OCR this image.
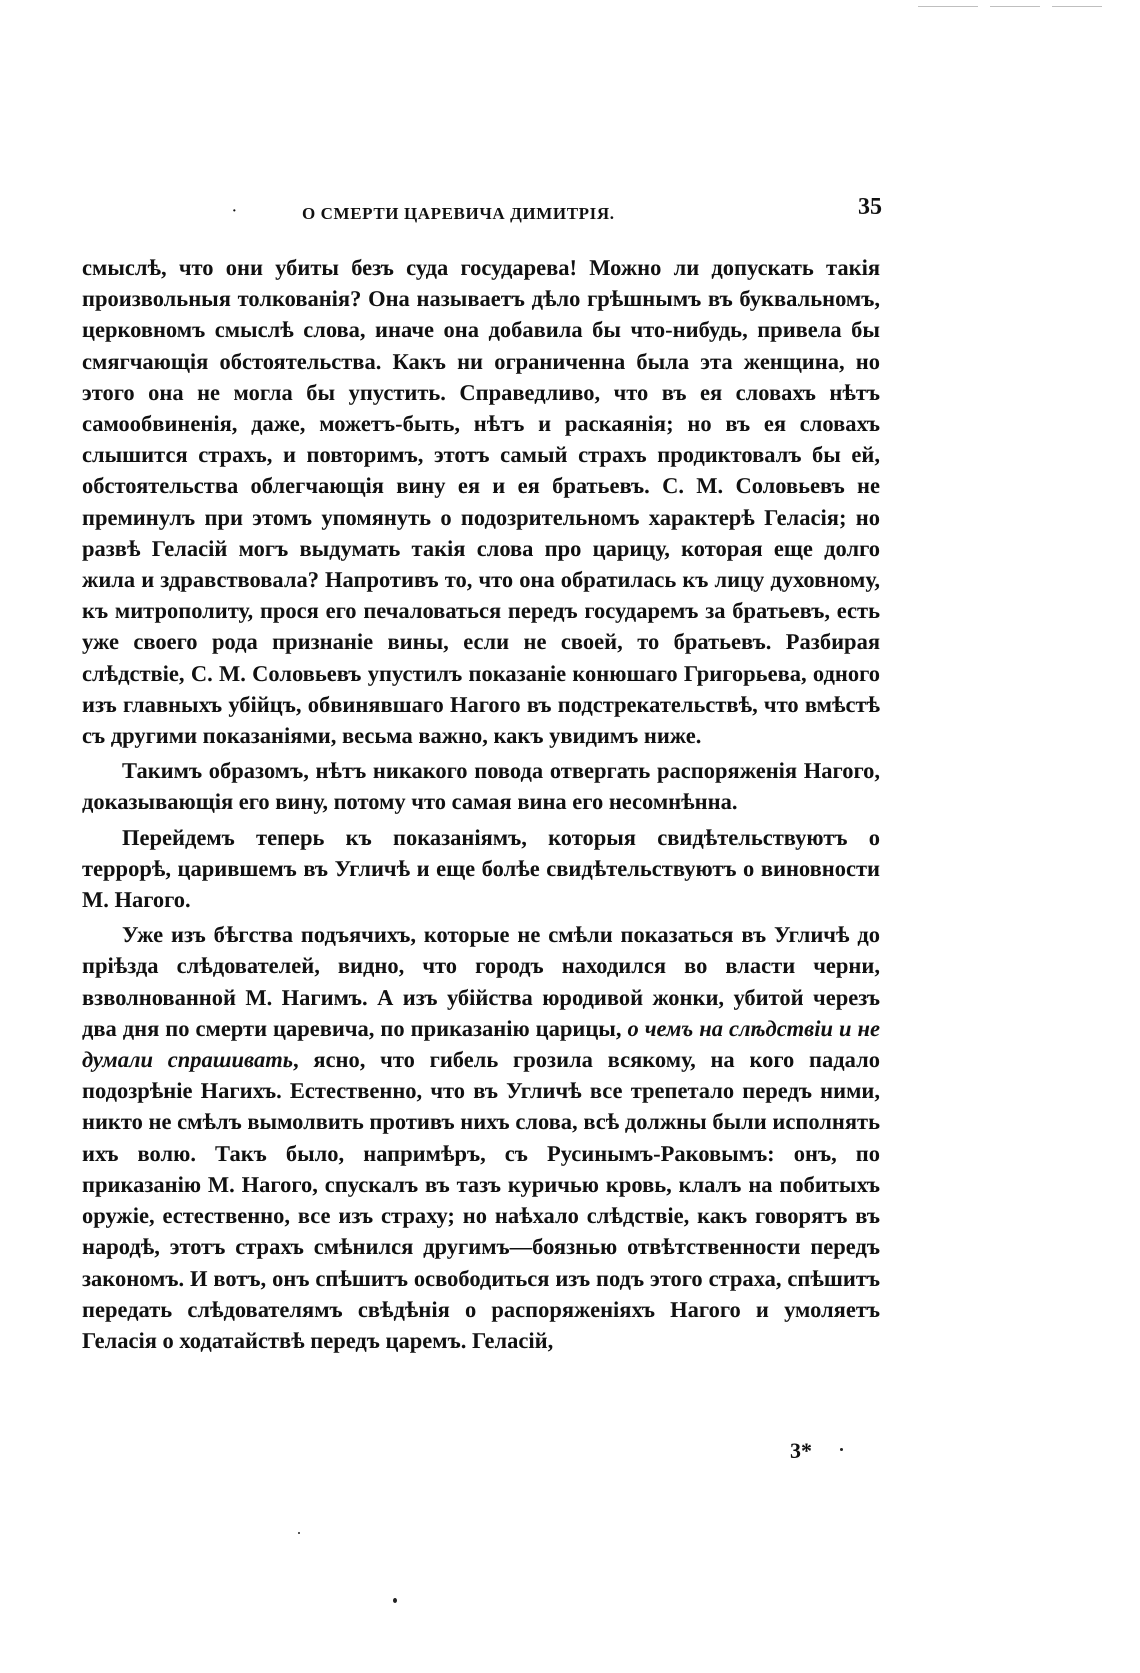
·	О СМЕРТИ ЦАРЕВИЧА ДИМИТРІЯ.	35

смыслѣ, что они убиты безъ суда государева! Можно ли допускать такія произвольныя толкованія? Она называетъ дѣло грѣшнымъ въ буквальномъ, церковномъ смыслѣ слова, иначе она добавила бы что-нибудь, привела бы смягчающія обстоятельства. Какъ ни ограниченна была эта женщина, но этого она не могла бы упустить. Справедливо, что въ ея словахъ нѣтъ самообвиненія, даже, можетъ-быть, нѣтъ и раскаянія; но въ ея словахъ слышится страхъ, и повторимъ, этотъ самый страхъ продиктовалъ бы ей, обстоятельства облегчающія вину ея и ея братьевъ. С. М. Соловьевъ не преминулъ при этомъ упомянуть о подозрительномъ характерѣ Геласія; но развѣ Геласій могъ выдумать такія слова про царицу, которая еще долго жила и здравствовала? Напротивъ то, что она обратилась къ лицу духовному, къ митрополиту, прося его печаловаться передъ государемъ за братьевъ, есть уже своего рода признаніе вины, если не своей, то братьевъ. Разбирая слѣдствіе, С. М. Соловьевъ упустилъ показаніе конюшаго Григорьева, одного изъ главныхъ убійцъ, обвинявшаго Нагого въ подстрекательствѣ, что вмѣстѣ съ другими показаніями, весьма важно, какъ увидимъ ниже.

Такимъ образомъ, нѣтъ никакого повода отвергать распоряженія Нагого, доказывающія его вину, потому что самая вина его несомнѣнна.

Перейдемъ теперь къ показаніямъ, которыя свидѣтельствуютъ о террорѣ, царившемъ въ Угличѣ и еще болѣе свидѣтельствуютъ о виновности М. Нагого.

Уже изъ бѣгства подъячихъ, которые не смѣли показаться въ Угличѣ до пріѣзда слѣдователей, видно, что городъ находился во власти черни, взволнованной М. Нагимъ. А изъ убійства юродивой жонки, убитой черезъ два дня по смерти царевича, по приказанію царицы, о чемъ на слѣдствіи и не думали спрашивать, ясно, что гибель грозила всякому, на кого падало подозрѣніе Нагихъ. Естественно, что въ Угличѣ все трепетало передъ ними, никто не смѣлъ вымолвить противъ нихъ слова, всѣ должны были исполнять ихъ волю. Такъ было, напримѣръ, съ Русинымъ-Раковымъ: онъ, по приказанію М. Нагого, спускалъ въ тазъ куричью кровь, клалъ на побитыхъ оружіе, естественно, все изъ страху; но наѣхало слѣдствіе, какъ говорятъ въ народѣ, этотъ страхъ смѣнился другимъ—боязнью отвѣтственности передъ закономъ. И вотъ, онъ спѣшитъ освободиться изъ подъ этого страха, спѣшитъ передать слѣдователямъ свѣдѣнія о распоряженіяхъ Нагого и умоляетъ Геласія о ходатайствѣ передъ царемъ. Геласій,

3*
